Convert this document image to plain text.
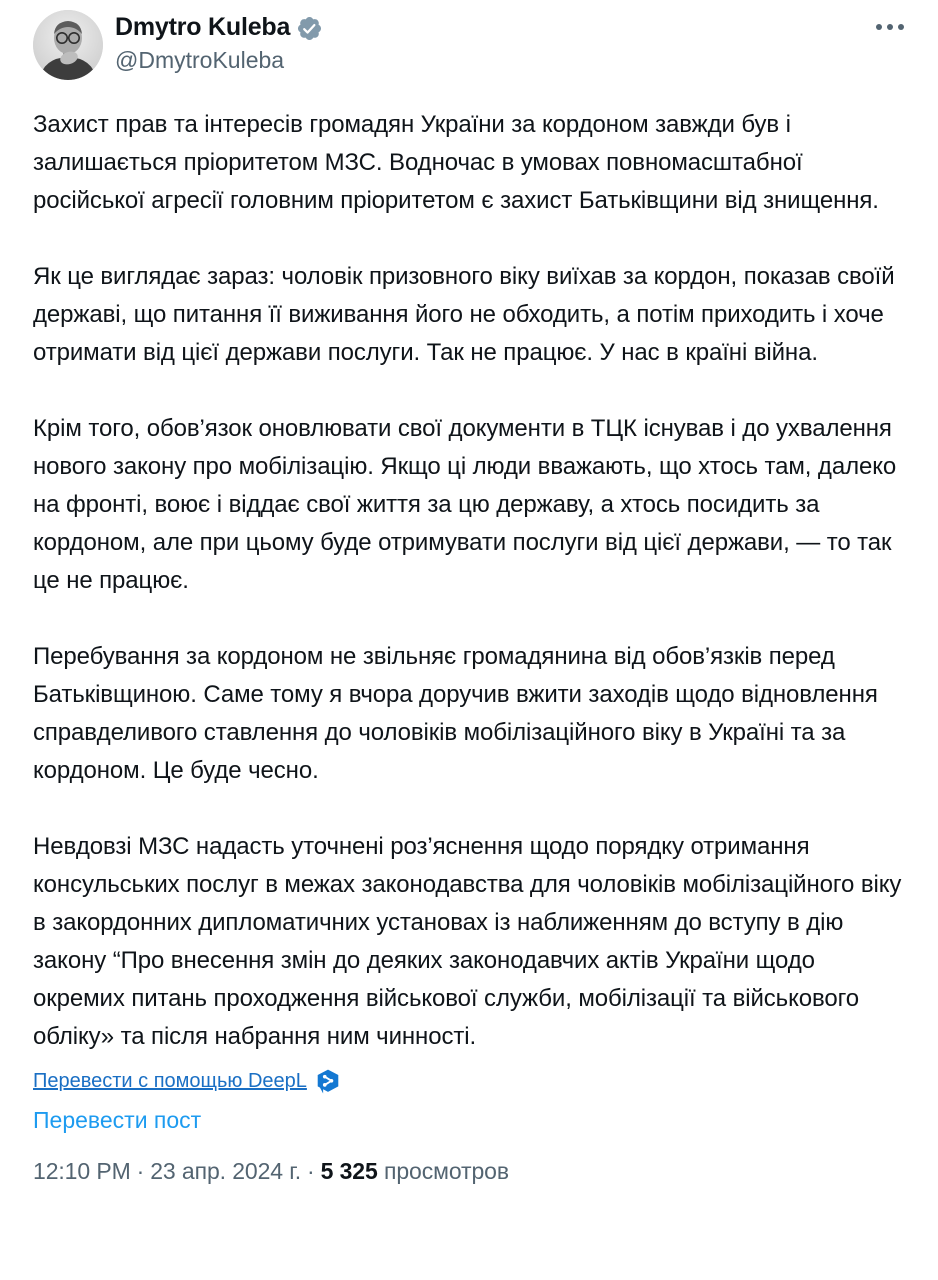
Dmytro Kuleba
@DmytroKuleba

Захист прав та інтересів громадян України за кордоном завжди був і залишається пріоритетом МЗС. Водночас в умовах повномасштабної російської агресії головним пріоритетом є захист Батьківщини від знищення.

Як це виглядає зараз: чоловік призовного віку виїхав за кордон, показав своїй державі, що питання її виживання його не обходить, а потім приходить і хоче отримати від цієї держави послуги. Так не працює. У нас в країні війна.

Крім того, обов’язок оновлювати свої документи в ТЦК існував і до ухвалення нового закону про мобілізацію. Якщо ці люди вважають, що хтось там, далеко на фронті, воює і віддає свої життя за цю державу, а хтось посидить за кордоном, але при цьому буде отримувати послуги від цієї держави, — то так це не працює.

Перебування за кордоном не звільняє громадянина від обов’язків перед Батьківщиною. Саме тому я вчора доручив вжити заходів щодо відновлення справделивого ставлення до чоловіків мобілізаційного віку в Україні та за кордоном. Це буде чесно.

Невдовзі МЗС надасть уточнені роз’яснення щодо порядку отримання консульських послуг в межах законодавства для чоловіків мобілізаційного віку в закордонних дипломатичних установах із наближенням до вступу в дію закону “Про внесення змін до деяких законодавчих актів України щодо окремих питань проходження військової служби, мобілізації та військового обліку» та після набрання ним чинності.

Перевести с помощью DeepL
Перевести пост
12:10 PM · 23 апр. 2024 г. · 5 325 просмотров
